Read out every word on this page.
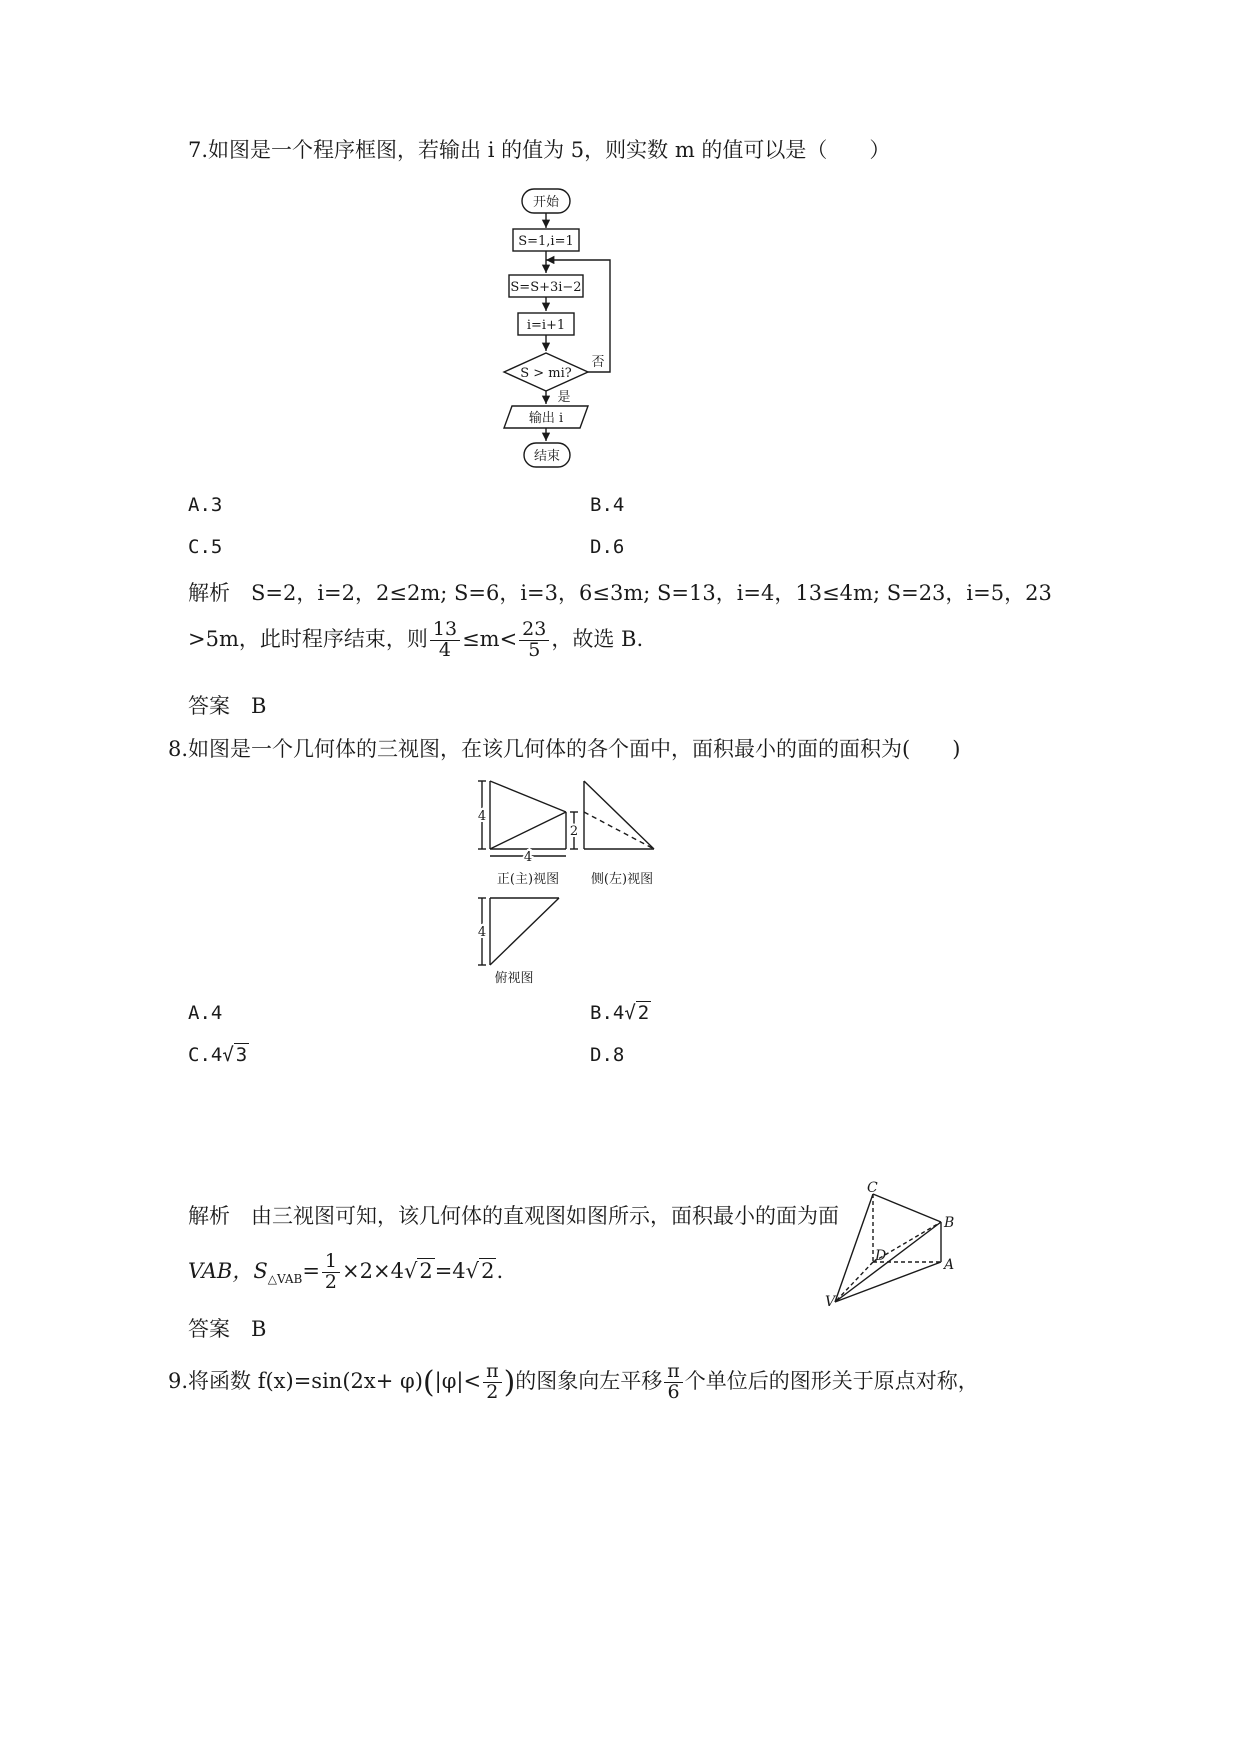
7.如图是一个程序框图，若输出 i 的值为 5，则实数 m 的值可以是（　　）
开始
S=1,i=1
S=S+3i−2
i=i+1
S > mi?
否
是
输出 i
结束
A.3	B.4
C.5	D.6
解析　 S=2，i=2，2≤2m; S=6，i=3，6≤3m; S=13，i=4，13≤4m; S=23，i=5，23
>5m，此时程序结束，则 $\frac{13}{4} \le m< \frac{23}{5}$ ，故选 B.
答案　 B
8.如图是一个几何体的三视图，在该几何体的各个面中，面积最小的面的面积为(　　)
4
4
2
正(主)视图 侧(左)视图
4
俯视图
A.4	B.4√ 2
C.4√ 3	D.8
解析　 由三视图可知，该几何体的直观图如图所示，面积最小的面为面
VAB，$S_{\triangle VAB}= \frac{1}{2} \times 2\times 4√2=4√2$.
C
B
D
A
V
答案　 B
9.将函数 $f(x)=\sin(2x+ \varphi)(|\varphi|< \frac{\pi}{2}$ )的图象向左平移 $\frac{\pi}{6}$ 个单位后的图形关于原点对称，
